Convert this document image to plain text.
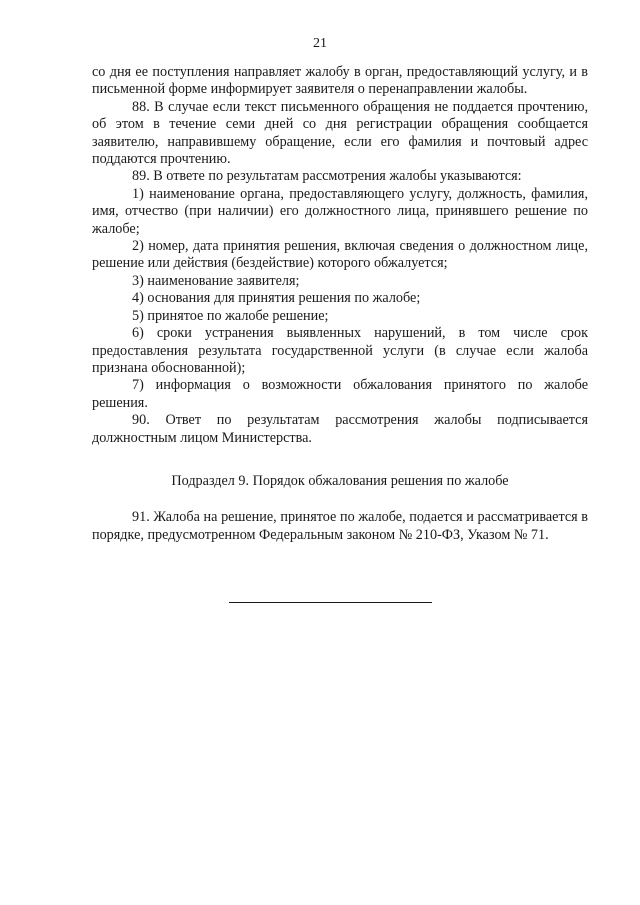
21

со дня ее поступления направляет жалобу в орган, предоставляющий услугу, и в письменной форме информирует заявителя о перенаправлении жалобы.

88. В случае если текст письменного обращения не поддается прочтению, об этом в течение семи дней со дня регистрации обращения сообщается заявителю, направившему обращение, если его фамилия и почтовый адрес поддаются прочтению.

89. В ответе по результатам рассмотрения жалобы указываются:

1) наименование органа, предоставляющего услугу, должность, фамилия, имя, отчество (при наличии) его должностного лица, принявшего решение по жалобе;

2) номер, дата принятия решения, включая сведения о должностном лице, решение или действия (бездействие) которого обжалуется;

3) наименование заявителя;

4) основания для принятия решения по жалобе;

5) принятое по жалобе решение;

6) сроки устранения выявленных нарушений, в том числе срок предоставления результата государственной услуги (в случае если жалоба признана обоснованной);

7) информация о возможности обжалования принятого по жалобе решения.

90. Ответ по результатам рассмотрения жалобы подписывается должностным лицом Министерства.

Подраздел 9. Порядок обжалования решения по жалобе

91. Жалоба на решение, принятое по жалобе, подается и рассматривается в порядке, предусмотренном Федеральным законом № 210-ФЗ, Указом № 71.
